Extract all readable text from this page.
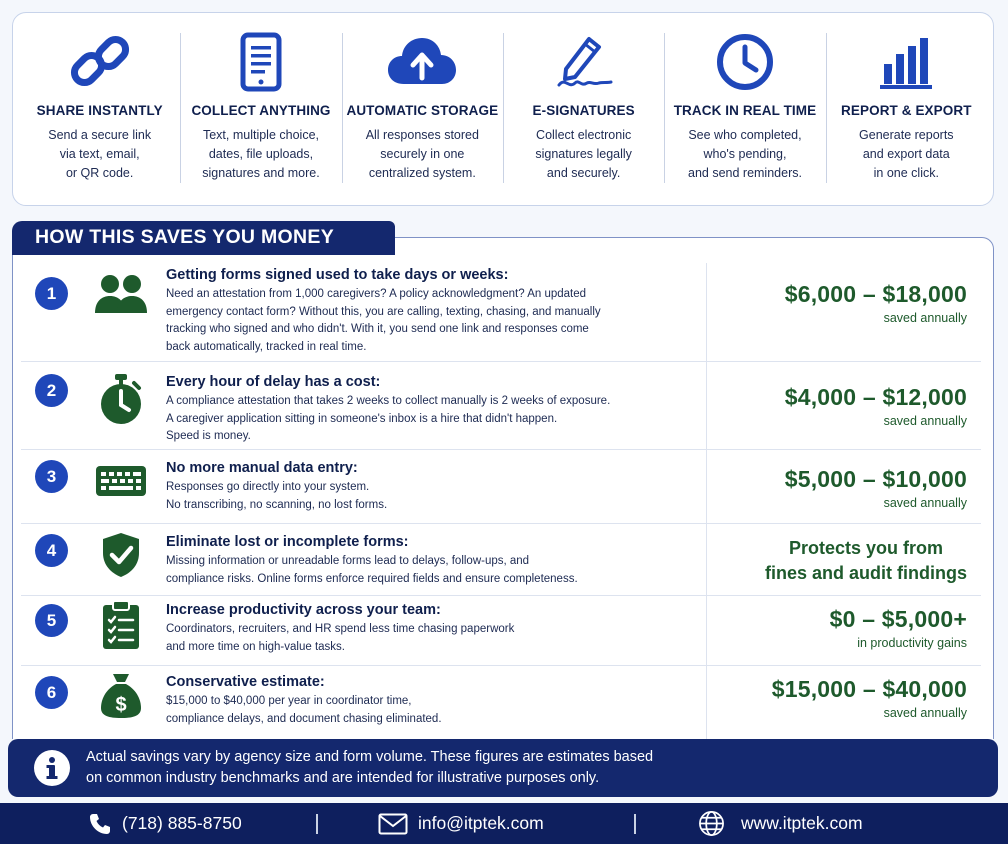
SHARE INSTANTLY
Send a secure link
via text, email,
or QR code.
COLLECT ANYTHING
Text, multiple choice,
dates, file uploads,
signatures and more.
AUTOMATIC STORAGE
All responses stored
securely in one
centralized system.
E-SIGNATURES
Collect electronic
signatures legally
and securely.
TRACK IN REAL TIME
See who completed,
who's pending,
and send reminders.
REPORT & EXPORT
Generate reports
and export data
in one click.
HOW THIS SAVES YOU MONEY
1
Getting forms signed used to take days or weeks:
Need an attestation from 1,000 caregivers? A policy acknowledgment? An updated
emergency contact form? Without this, you are calling, texting, chasing, and manually
tracking who signed and who didn't. With it, you send one link and responses come
back automatically, tracked in real time.
$6,000 – $18,000
saved annually
2	Every hour of delay has a cost:
A compliance attestation that takes 2 weeks to collect manually is 2 weeks of exposure.
A caregiver application sitting in someone's inbox is a hire that didn't happen.
Speed is money.
$4,000 – $12,000
saved annually
3	No more manual data entry:
Responses go directly into your system.
No transcribing, no scanning, no lost forms.
$5,000 – $10,000
saved annually
4	Eliminate lost or incomplete forms:
Missing information or unreadable forms lead to delays, follow-ups, and
compliance risks. Online forms enforce required fields and ensure completeness.
Protects you from
fines and audit findings
5
Increase productivity across your team:
Coordinators, recruiters, and HR spend less time chasing paperwork
and more time on high-value tasks.
$0 – $5,000+
in productivity gains
6
$
Conservative estimate:
$15,000 to $40,000 per year in coordinator time,
compliance delays, and document chasing eliminated.
$15,000 – $40,000
saved annually
Actual savings vary by agency size and form volume. These figures are estimates based
on common industry benchmarks and are intended for illustrative purposes only.
(718) 885-8750	info@itptek.com	www.itptek.com
